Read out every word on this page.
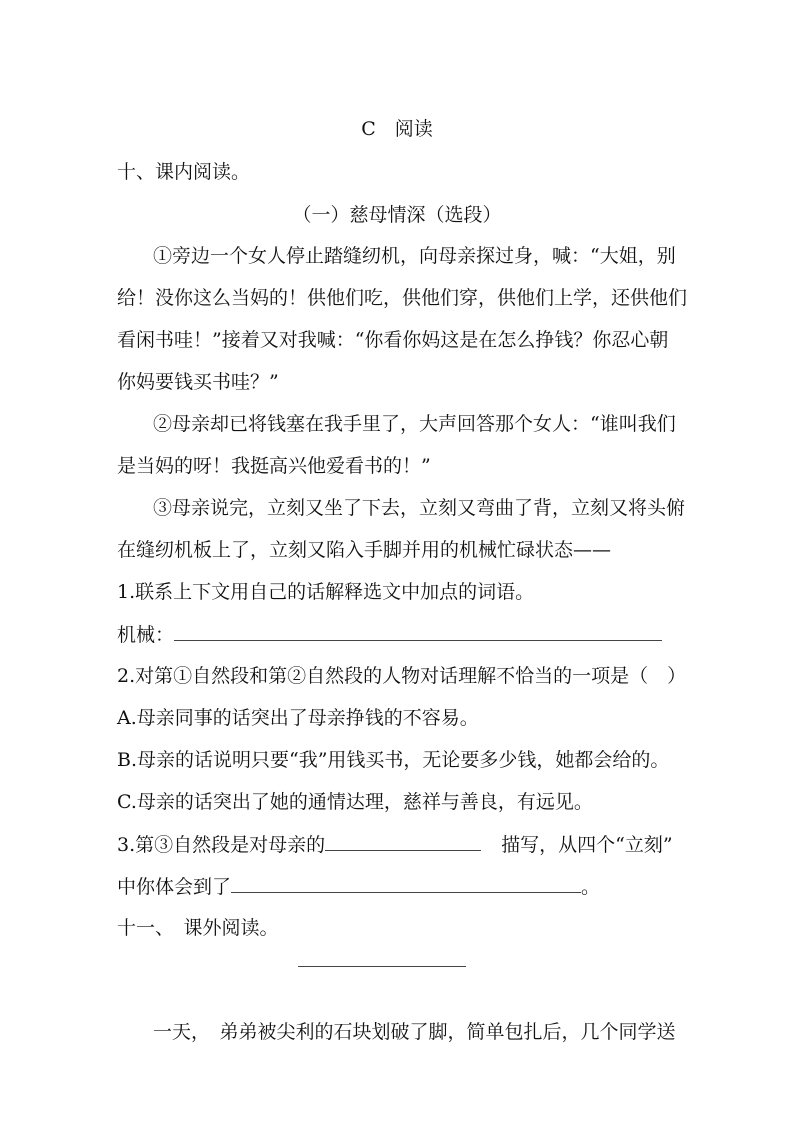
C　阅读
十、课内阅读。
（一）慈母情深（选段）
①旁边一个女人停止踏缝纫机，向母亲探过身，喊：“大姐，别
给！没你这么当妈的！供他们吃，供他们穿，供他们上学，还供他们
看闲书哇！”接着又对我喊：“你看你妈这是在怎么挣钱？你忍心朝
你妈要钱买书哇？”
②母亲却已将钱塞在我手里了，大声回答那个女人：“谁叫我们
是当妈的呀！我挺高兴他爱看书的！”
③母亲说完，立刻又坐了下去，立刻又弯曲了背，立刻又将头俯
在缝纫机板上了，立刻又陷入手脚并用的机械忙碌状态——
1.联系上下文用自己的话解释选文中加点的词语。
机械：
2.对第①自然段和第②自然段的人物对话理解不恰当的一项是（　）
A.母亲同事的话突出了母亲挣钱的不容易。
B.母亲的话说明只要“我”用钱买书，无论要多少钱，她都会给的。
C.母亲的话突出了她的通情达理，慈祥与善良，有远见。
3.第③自然段是对母亲的	描写，从四个“立刻”
中你体会到了	。
十一、　课外阅读。
一天，　弟弟被尖利的石块划破了脚，简单包扎后，几个同学送
